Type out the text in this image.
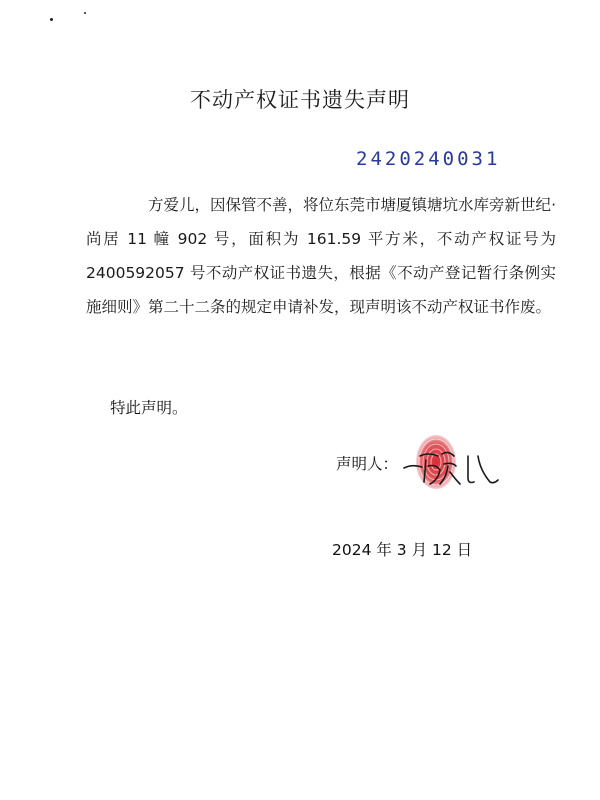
不动产权证书遗失声明
2420240031

方爱儿，因保管不善，将位东莞市塘厦镇塘坑水库旁新世纪·尚居 11 幢 902 号，面积为 161.59 平方米，不动产权证号为 2400592057 号不动产权证书遗失，根据《不动产登记暂行条例实施细则》第二十二条的规定申请补发，现声明该不动产权证书作废。

特此声明。
声明人：
2024 年 3 月 12 日
